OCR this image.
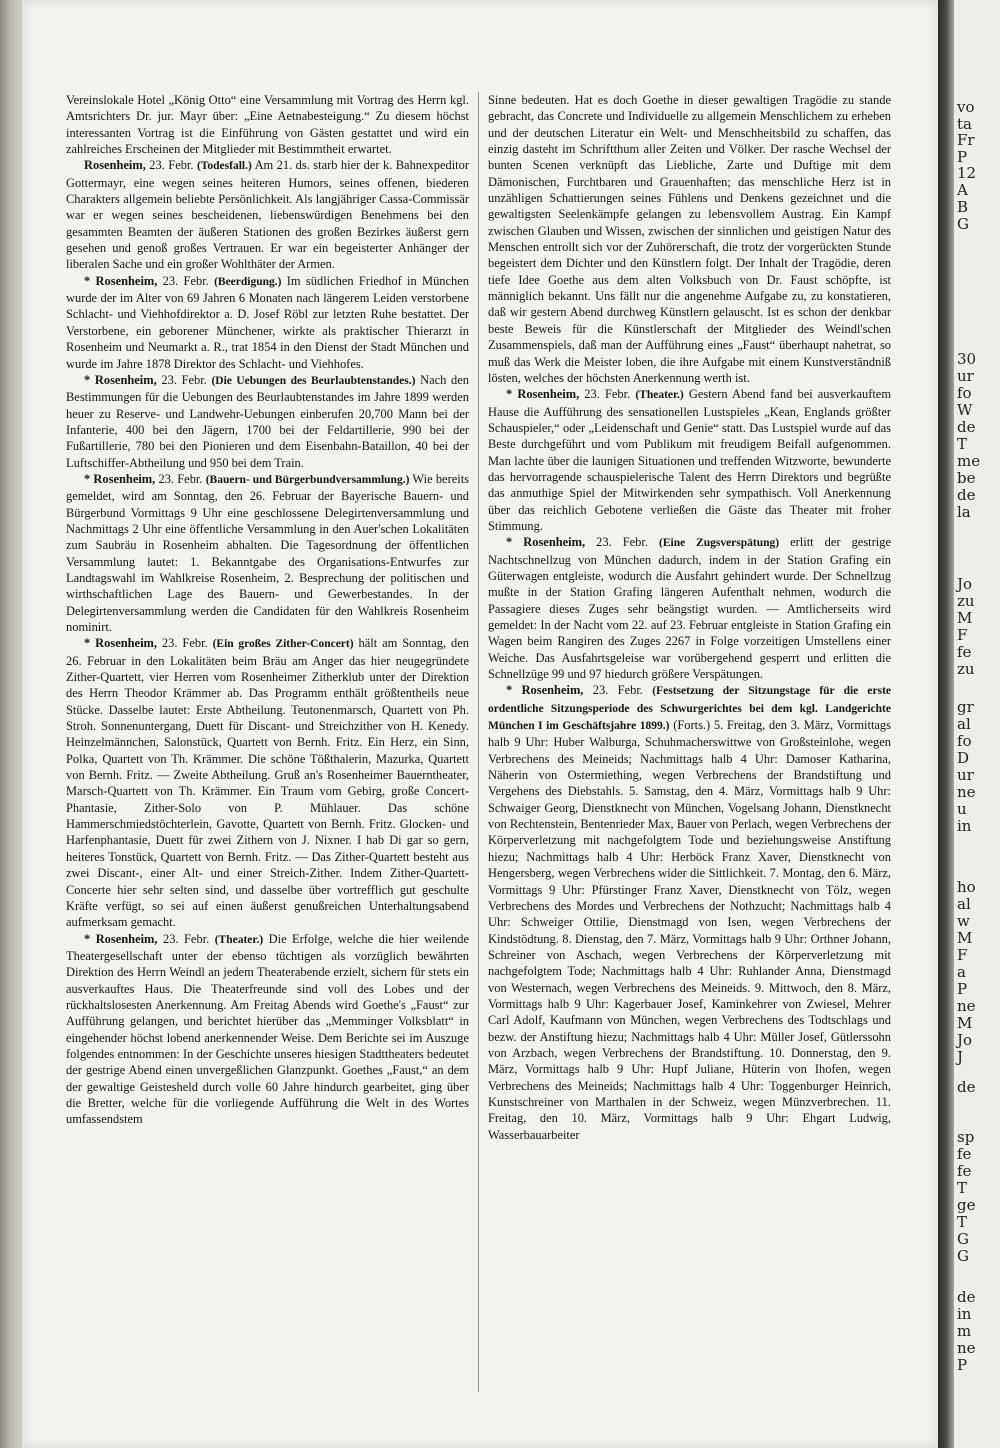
Vereinslokale Hotel „König Otto“ eine Versammlung mit Vortrag des Herrn kgl. Amtsrichters Dr. jur. Mayr über: „Eine Aetnabesteigung.“ Zu diesem höchst interessanten Vortrag ist die Einführung von Gästen gestattet und wird ein zahlreiches Erscheinen der Mitglieder mit Bestimmtheit erwartet.

Rosenheim, 23. Febr. (Todesfall.) Am 21. ds. starb hier der k. Bahnexpeditor Gottermayr, eine wegen seines heiteren Humors, seines offenen, biederen Charakters allgemein beliebte Persönlichkeit. Als langjähriger Cassa-Commissär war er wegen seines bescheidenen, liebenswürdigen Benehmens bei den gesammten Beamten der äußeren Stationen des großen Bezirkes äußerst gern gesehen und genoß großes Vertrauen. Er war ein begeisterter Anhänger der liberalen Sache und ein großer Wohlthäter der Armen.

* Rosenheim, 23. Febr. (Beerdigung.) Im südlichen Friedhof in München wurde der im Alter von 69 Jahren 6 Monaten nach längerem Leiden verstorbene Schlacht- und Viehhofdirektor a. D. Josef Röbl zur letzten Ruhe bestattet. Der Verstorbene, ein geborener Münchener, wirkte als praktischer Thierarzt in Rosenheim und Neumarkt a. R., trat 1854 in den Dienst der Stadt München und wurde im Jahre 1878 Direktor des Schlacht- und Viehhofes.

* Rosenheim, 23. Febr. (Die Uebungen des Beurlaubtenstandes.) Nach den Bestimmungen für die Uebungen des Beurlaubtenstandes im Jahre 1899 werden heuer zu Reserve- und Landwehr-Uebungen einberufen 20,700 Mann bei der Infanterie, 400 bei den Jägern, 1700 bei der Feldartillerie, 990 bei der Fußartillerie, 780 bei den Pionieren und dem Eisenbahn-Bataillon, 40 bei der Luftschiffer-Abtheilung und 950 bei dem Train.

* Rosenheim, 23. Febr. (Bauern- und Bürgerbundversammlung.) Wie bereits gemeldet, wird am Sonntag, den 26. Februar der Bayerische Bauern- und Bürgerbund Vormittags 9 Uhr eine geschlossene Delegirtenversammlung und Nachmittags 2 Uhr eine öffentliche Versammlung in den Auer'schen Lokalitäten zum Saubräu in Rosenheim abhalten. Die Tagesordnung der öffentlichen Versammlung lautet: 1. Bekanntgabe des Organisations-Entwurfes zur Landtagswahl im Wahlkreise Rosenheim, 2. Besprechung der politischen und wirthschaftlichen Lage des Bauern- und Gewerbestandes. In der Delegirtenversammlung werden die Candidaten für den Wahlkreis Rosenheim nominirt.

* Rosenheim, 23. Febr. (Ein großes Zither-Concert) hält am Sonntag, den 26. Februar in den Lokalitäten beim Bräu am Anger das hier neugegründete Zither-Quartett, vier Herren vom Rosenheimer Zitherklub unter der Direktion des Herrn Theodor Krämmer ab. Das Programm enthält größtentheils neue Stücke. Dasselbe lautet: Erste Abtheilung. Teutonenmarsch, Quartett von Ph. Stroh. Sonnenuntergang, Duett für Discant- und Streichzither von H. Kenedy. Heinzelmännchen, Salonstück, Quartett von Bernh. Fritz. Ein Herz, ein Sinn, Polka, Quartett von Th. Krämmer. Die schöne Tößthalerin, Mazurka, Quartett von Bernh. Fritz. — Zweite Abtheilung. Gruß an's Rosenheimer Bauerntheater, Marsch-Quartett von Th. Krämmer. Ein Traum vom Gebirg, große Concert-Phantasie, Zither-Solo von P. Mühlauer. Das schöne Hammerschmiedstöchterlein, Gavotte, Quartett von Bernh. Fritz. Glocken- und Harfenphantasie, Duett für zwei Zithern von J. Nixner. I hab Di gar so gern, heiteres Tonstück, Quartett von Bernh. Fritz. — Das Zither-Quartett besteht aus zwei Discant-, einer Alt- und einer Streich-Zither. Indem Zither-Quartett-Concerte hier sehr selten sind, und dasselbe über vortrefflich gut geschulte Kräfte verfügt, so sei auf einen äußerst genußreichen Unterhaltungsabend aufmerksam gemacht.

* Rosenheim, 23. Febr. (Theater.) Die Erfolge, welche die hier weilende Theatergesellschaft unter der ebenso tüchtigen als vorzüglich bewährten Direktion des Herrn Weindl an jedem Theaterabende erzielt, sichern für stets ein ausverkauftes Haus. Die Theaterfreunde sind voll des Lobes und der rückhaltslosesten Anerkennung. Am Freitag Abends wird Goethe's „Faust“ zur Aufführung gelangen, und berichtet hierüber das „Memminger Volksblatt“ in eingehender höchst lobend anerkennender Weise. Dem Berichte sei im Auszuge folgendes entnommen: In der Geschichte unseres hiesigen Stadttheaters bedeutet der gestrige Abend einen unvergeßlichen Glanzpunkt. Goethes „Faust,“ an dem der gewaltige Geistesheld durch volle 60 Jahre hindurch gearbeitet, ging über die Bretter, welche für die vorliegende Aufführung die Welt in des Wortes umfassendstem

Sinne bedeuten. Hat es doch Goethe in dieser gewaltigen Tragödie zu stande gebracht, das Concrete und Individuelle zu allgemein Menschlichem zu erheben und der deutschen Literatur ein Welt- und Menschheitsbild zu schaffen, das einzig dasteht im Schriftthum aller Zeiten und Völker. Der rasche Wechsel der bunten Scenen verknüpft das Liebliche, Zarte und Duftige mit dem Dämonischen, Furchtbaren und Grauenhaften; das menschliche Herz ist in unzähligen Schattierungen seines Fühlens und Denkens gezeichnet und die gewaltigsten Seelenkämpfe gelangen zu lebensvollem Austrag. Ein Kampf zwischen Glauben und Wissen, zwischen der sinnlichen und geistigen Natur des Menschen entrollt sich vor der Zuhörerschaft, die trotz der vorgerückten Stunde begeistert dem Dichter und den Künstlern folgt. Der Inhalt der Tragödie, deren tiefe Idee Goethe aus dem alten Volksbuch von Dr. Faust schöpfte, ist männiglich bekannt. Uns fällt nur die angenehme Aufgabe zu, zu konstatieren, daß wir gestern Abend durchweg Künstlern gelauscht. Ist es schon der denkbar beste Beweis für die Künstlerschaft der Mitglieder des Weindl'schen Zusammenspiels, daß man der Aufführung eines „Faust“ überhaupt nahetrat, so muß das Werk die Meister loben, die ihre Aufgabe mit einem Kunstverständniß lösten, welches der höchsten Anerkennung werth ist.

* Rosenheim, 23. Febr. (Theater.) Gestern Abend fand bei ausverkauftem Hause die Aufführung des sensationellen Lustspieles „Kean, Englands größter Schauspieler,“ oder „Leidenschaft und Genie“ statt. Das Lustspiel wurde auf das Beste durchgeführt und vom Publikum mit freudigem Beifall aufgenommen. Man lachte über die launigen Situationen und treffenden Witzworte, bewunderte das hervorragende schauspielerische Talent des Herrn Direktors und begrüßte das anmuthige Spiel der Mitwirkenden sehr sympathisch. Voll Anerkennung über das reichlich Gebotene verließen die Gäste das Theater mit froher Stimmung.

* Rosenheim, 23. Febr. (Eine Zugsverspätung) erlitt der gestrige Nachtschnellzug von München dadurch, indem in der Station Grafing ein Güterwagen entgleiste, wodurch die Ausfahrt gehindert wurde. Der Schnellzug mußte in der Station Grafing längeren Aufenthalt nehmen, wodurch die Passagiere dieses Zuges sehr beängstigt wurden. — Amtlicherseits wird gemeldet: In der Nacht vom 22. auf 23. Februar entgleiste in Station Grafing ein Wagen beim Rangiren des Zuges 2267 in Folge vorzeitigen Umstellens einer Weiche. Das Ausfahrtsgeleise war vorübergehend gesperrt und erlitten die Schnellzüge 99 und 97 hiedurch größere Verspätungen.

* Rosenheim, 23. Febr. (Festsetzung der Sitzungstage für die erste ordentliche Sitzungsperiode des Schwurgerichtes bei dem kgl. Landgerichte München I im Geschäftsjahre 1899.) (Forts.) 5. Freitag, den 3. März, Vormittags halb 9 Uhr: Huber Walburga, Schuhmacherswittwe von Großsteinlohe, wegen Verbrechens des Meineids; Nachmittags halb 4 Uhr: Damoser Katharina, Näherin von Ostermiething, wegen Verbrechens der Brandstiftung und Vergehens des Diebstahls. 5. Samstag, den 4. März, Vormittags halb 9 Uhr: Schwaiger Georg, Dienstknecht von München, Vogelsang Johann, Dienstknecht von Rechtenstein, Bentenrieder Max, Bauer von Perlach, wegen Verbrechens der Körperverletzung mit nachgefolgtem Tode und beziehungsweise Anstiftung hiezu; Nachmittags halb 4 Uhr: Herböck Franz Xaver, Dienstknecht von Hengersberg, wegen Verbrechens wider die Sittlichkeit. 7. Montag, den 6. März, Vormittags 9 Uhr: Pfürstinger Franz Xaver, Dienstknecht von Tölz, wegen Verbrechens des Mordes und Verbrechens der Nothzucht; Nachmittags halb 4 Uhr: Schweiger Ottilie, Dienstmagd von Isen, wegen Verbrechens der Kindstödtung. 8. Dienstag, den 7. März, Vormittags halb 9 Uhr: Orthner Johann, Schreiner von Aschach, wegen Verbrechens der Körperverletzung mit nachgefolgtem Tode; Nachmittags halb 4 Uhr: Ruhlander Anna, Dienstmagd von Westernach, wegen Verbrechens des Meineids. 9. Mittwoch, den 8. März, Vormittags halb 9 Uhr: Kagerbauer Josef, Kaminkehrer von Zwiesel, Mehrer Carl Adolf, Kaufmann von München, wegen Verbrechens des Todtschlags und bezw. der Anstiftung hiezu; Nachmittags halb 4 Uhr: Müller Josef, Gütlerssohn von Arzbach, wegen Verbrechens der Brandstiftung. 10. Donnerstag, den 9. März, Vormittags halb 9 Uhr: Hupf Juliane, Hüterin von Ihofen, wegen Verbrechens des Meineids; Nachmittags halb 4 Uhr: Toggenburger Heinrich, Kunstschreiner von Marthalen in der Schweiz, wegen Münzverbrechen. 11. Freitag, den 10. März, Vormittags halb 9 Uhr: Ehgart Ludwig, Wasserbauarbeiter

vo
ta
Fr
P
12
A
B
G
30
ur
fo
W
de
T
me
be
de
la
Jo
zu
M
F
fe
zu
gr
al
fo
D
ur
ne
u
in
ho
al
w
M
F
a
P
ne
M
Jo
J
de
sp
fe
fe
T
ge
T
G
G
de
in
m
ne
P
